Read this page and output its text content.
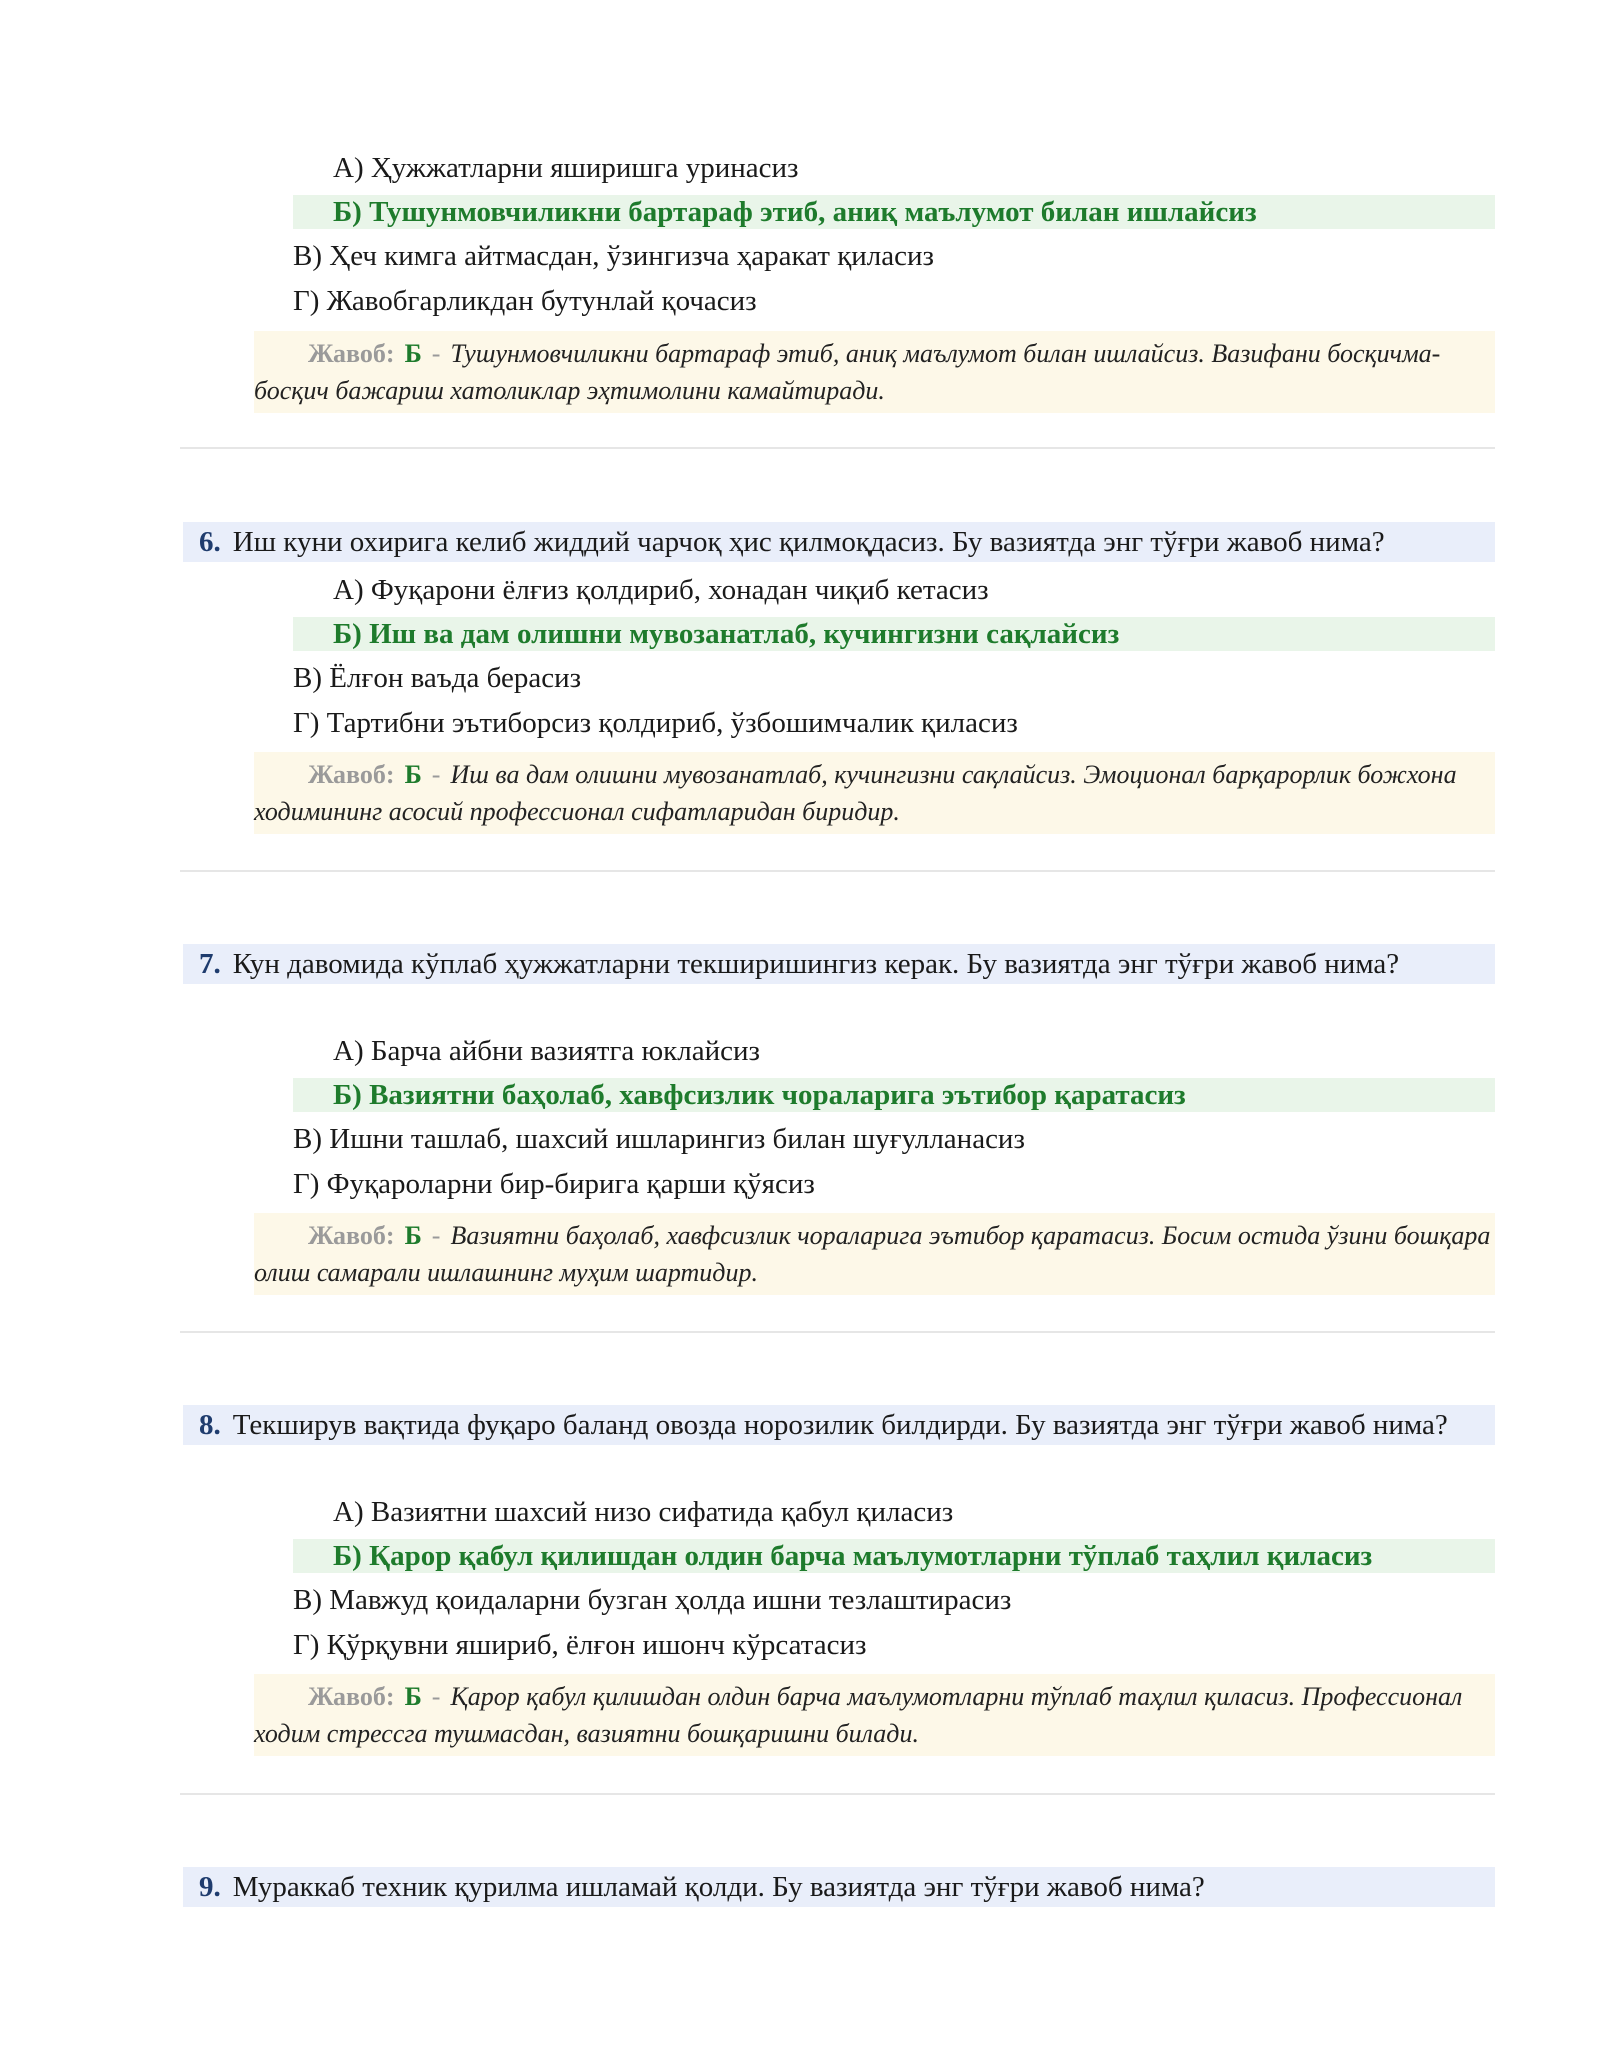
А) Ҳужжатларни яширишга уринасиз
Б) Тушунмовчиликни бартараф этиб, аниқ маълумот билан ишлайсиз
В) Ҳеч кимга айтмасдан, ўзингизча ҳаракат қиласиз
Г) Жавобгарликдан бутунлай қочасиз
Жавоб: Б - Тушунмовчиликни бартараф этиб, аниқ маълумот билан ишлайсиз. Вазифани босқичма-босқич бажариш хатоликлар эҳтимолини камайтиради.
6. Иш куни охирига келиб жиддий чарчоқ ҳис қилмоқдасиз. Бу вазиятда энг тўғри жавоб нима?
А) Фуқарони ёлғиз қолдириб, хонадан чиқиб кетасиз
Б) Иш ва дам олишни мувозанатлаб, кучингизни сақлайсиз
В) Ёлғон ваъда берасиз
Г) Тартибни эътиборсиз қолдириб, ўзбошимчалик қиласиз
Жавоб: Б - Иш ва дам олишни мувозанатлаб, кучингизни сақлайсиз. Эмоционал барқарорлик божхона ходимининг асосий профессионал сифатларидан биридир.
7. Кун давомида кўплаб ҳужжатларни текширишингиз керак. Бу вазиятда энг тўғри жавоб нима?
А) Барча айбни вазиятга юклайсиз
Б) Вазиятни баҳолаб, хавфсизлик чораларига эътибор қаратасиз
В) Ишни ташлаб, шахсий ишларингиз билан шуғулланасиз
Г) Фуқароларни бир-бирига қарши қўясиз
Жавоб: Б - Вазиятни баҳолаб, хавфсизлик чораларига эътибор қаратасиз. Босим остида ўзини бошқара олиш самарали ишлашнинг муҳим шартидир.
8. Текширув вақтида фуқаро баланд овозда норозилик билдирди. Бу вазиятда энг тўғри жавоб нима?
А) Вазиятни шахсий низо сифатида қабул қиласиз
Б) Қарор қабул қилишдан олдин барча маълумотларни тўплаб таҳлил қиласиз
В) Мавжуд қоидаларни бузган ҳолда ишни тезлаштирасиз
Г) Қўрқувни яшириб, ёлғон ишонч кўрсатасиз
Жавоб: Б - Қарор қабул қилишдан олдин барча маълумотларни тўплаб таҳлил қиласиз. Профессионал ходим стрессга тушмасдан, вазиятни бошқаришни билади.
9. Мураккаб техник қурилма ишламай қолди. Бу вазиятда энг тўғри жавоб нима?
